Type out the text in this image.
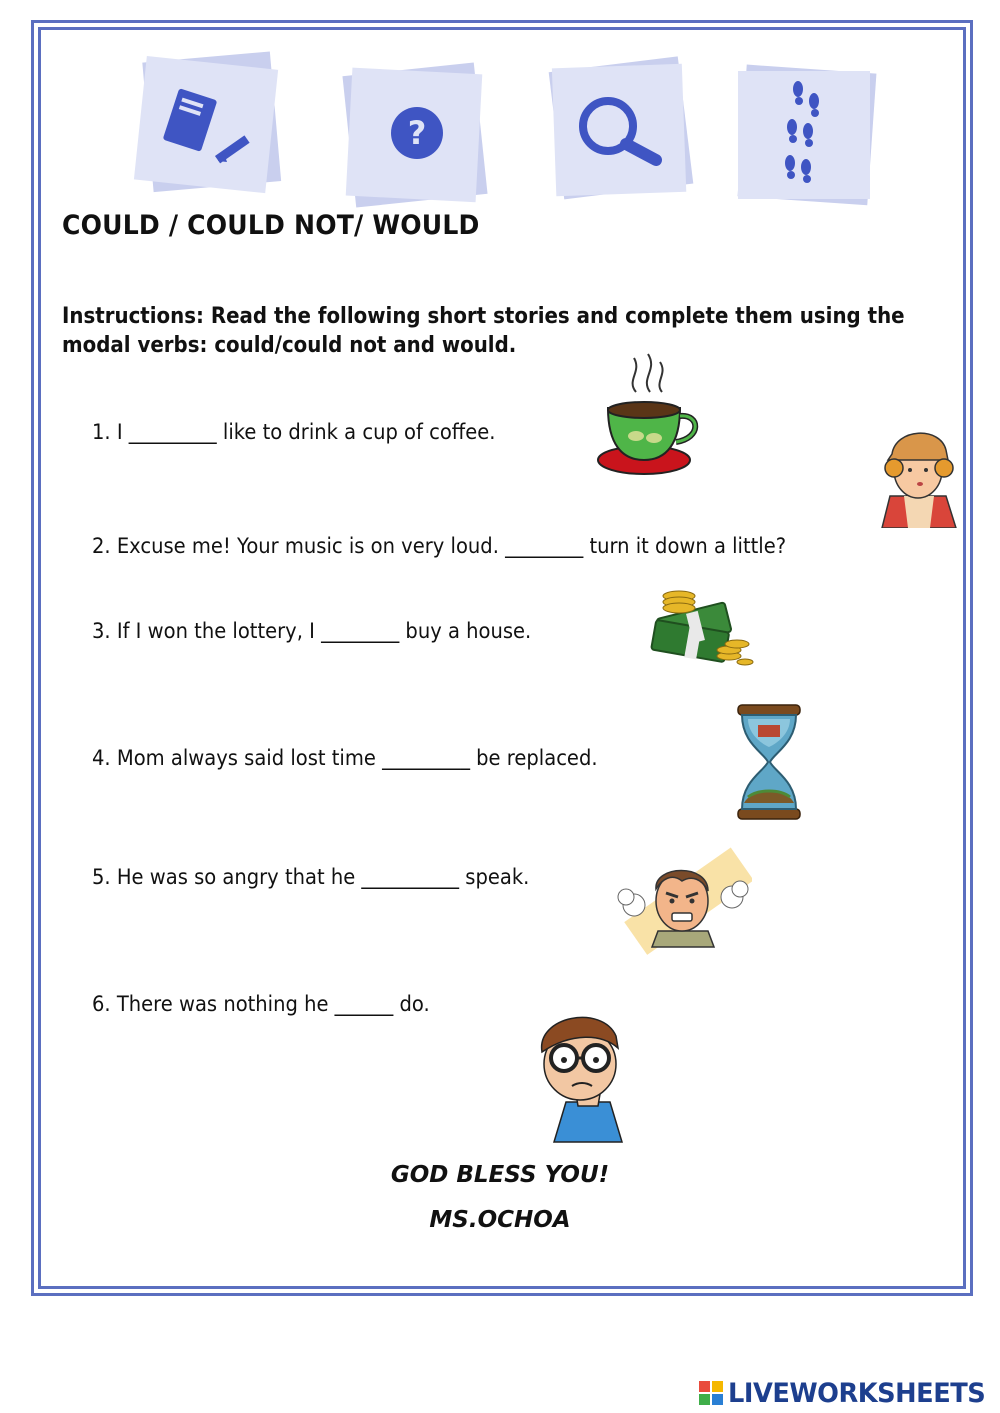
?
COULD / COULD NOT/ WOULD
Instructions: Read the following short stories and complete them using the modal verbs: could/could not and would.
1. I _________ like to drink a cup of coffee.
2. Excuse me! Your music is on very loud. ________ turn it down a little?
3. If I won the lottery, I ________ buy a house.
4. Mom always said lost time _________ be replaced.
5. He was so angry that he __________ speak.
6. There was nothing he ______ do.
GOD BLESS YOU!
MS.OCHOA
LIVEWORKSHEETS
